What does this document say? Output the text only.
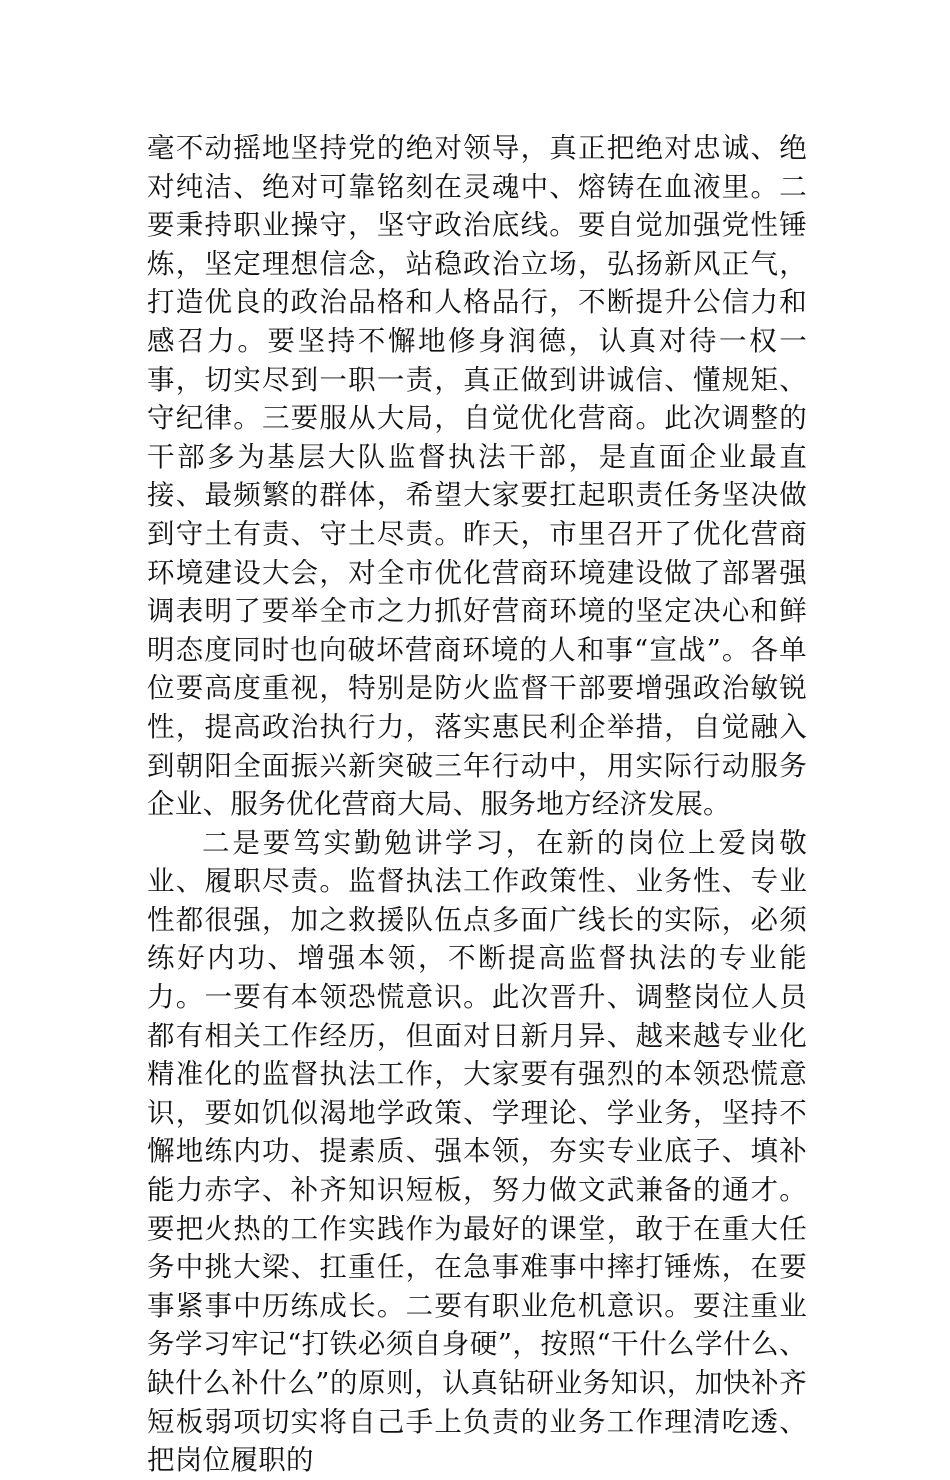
毫不动摇地坚持党的绝对领导，真正把绝对忠诚、绝对纯洁、绝对可靠铭刻在灵魂中、熔铸在血液里。二要秉持职业操守，坚守政治底线。要自觉加强党性锤炼，坚定理想信念，站稳政治立场，弘扬新风正气，打造优良的政治品格和人格品行，不断提升公信力和感召力。要坚持不懈地修身润德，认真对待一权一事，切实尽到一职一责，真正做到讲诚信、懂规矩、守纪律。三要服从大局，自觉优化营商。此次调整的干部多为基层大队监督执法干部，是直面企业最直接、最频繁的群体，希望大家要扛起职责任务坚决做到守土有责、守土尽责。昨天，市里召开了优化营商环境建设大会，对全市优化营商环境建设做了部署强调表明了要举全市之力抓好营商环境的坚定决心和鲜明态度同时也向破坏营商环境的人和事“宣战”。各单位要高度重视，特别是防火监督干部要增强政治敏锐性，提高政治执行力，落实惠民利企举措，自觉融入到朝阳全面振兴新突破三年行动中，用实际行动服务企业、服务优化营商大局、服务地方经济发展。

二是要笃实勤勉讲学习，在新的岗位上爱岗敬业、履职尽责。监督执法工作政策性、业务性、专业性都很强，加之救援队伍点多面广线长的实际，必须练好内功、增强本领，不断提高监督执法的专业能力。一要有本领恐慌意识。此次晋升、调整岗位人员都有相关工作经历，但面对日新月异、越来越专业化精准化的监督执法工作，大家要有强烈的本领恐慌意识，要如饥似渴地学政策、学理论、学业务，坚持不懈地练内功、提素质、强本领，夯实专业底子、填补能力赤字、补齐知识短板，努力做文武兼备的通才。要把火热的工作实践作为最好的课堂，敢于在重大任务中挑大梁、扛重任，在急事难事中摔打锤炼，在要事紧事中历练成长。二要有职业危机意识。要注重业务学习牢记“打铁必须自身硬”，按照“干什么学什么、缺什么补什么”的原则，认真钻研业务知识，加快补齐短板弱项切实将自己手上负责的业务工作理清吃透、把岗位履职的
